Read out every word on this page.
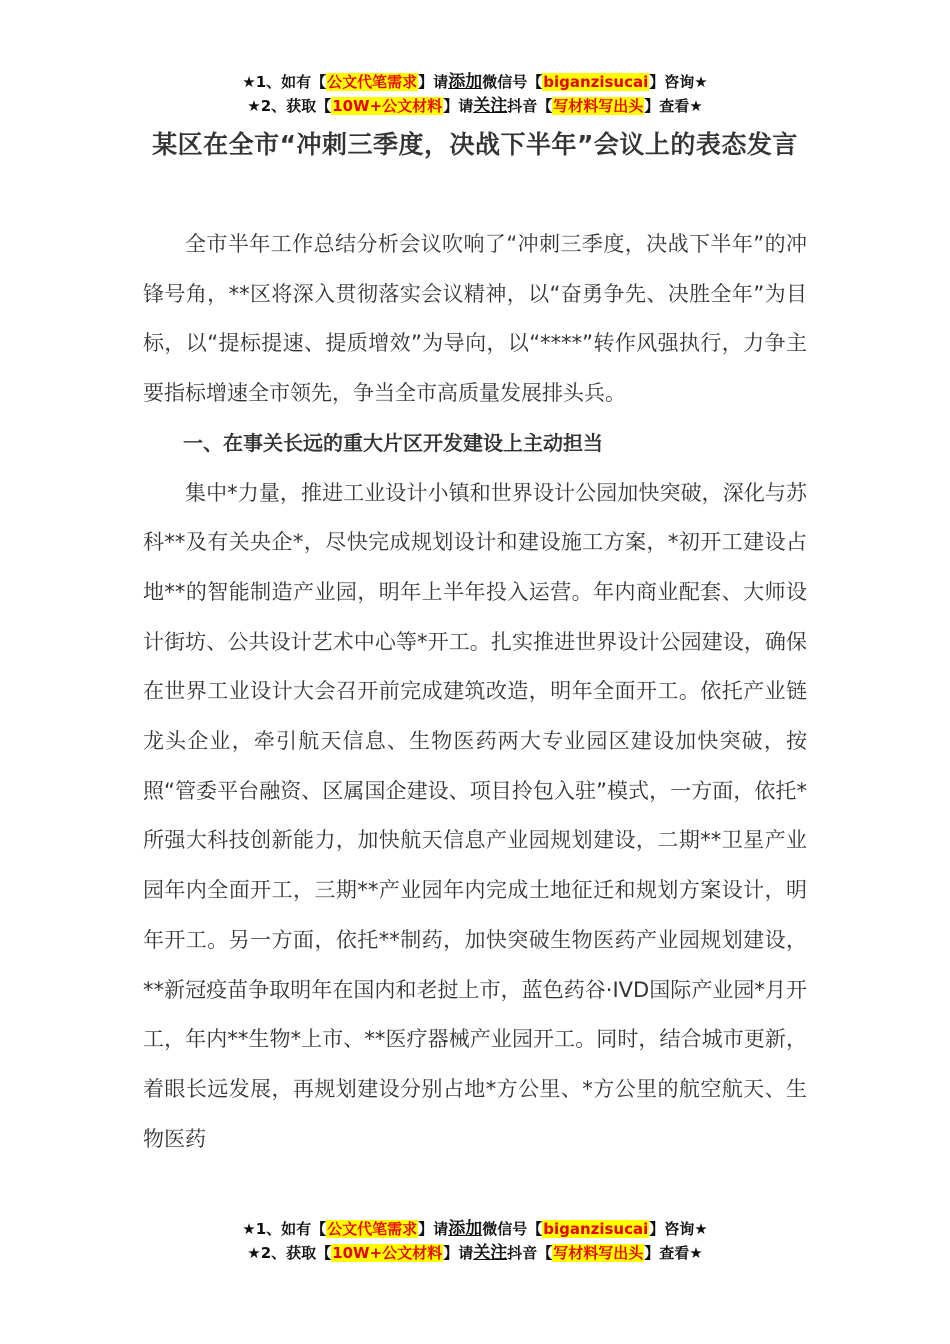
★1、如有【公文代笔需求】请添加微信号【biganzisucai】咨询★
★2、获取【10W+公文材料】请关注抖音【写材料写出头】查看★
某区在全市“冲刺三季度，决战下半年”会议上的表态发言

全市半年工作总结分析会议吹响了“冲刺三季度，决战下半年”的冲锋号角，**区将深入贯彻落实会议精神，以“奋勇争先、决胜全年”为目标，以“提标提速、提质增效”为导向，以“****”转作风强执行，力争主要指标增速全市领先，争当全市高质量发展排头兵。

一、在事关长远的重大片区开发建设上主动担当

集中*力量，推进工业设计小镇和世界设计公园加快突破，深化与苏科**及有关央企*，尽快完成规划设计和建设施工方案，*初开工建设占地**的智能制造产业园，明年上半年投入运营。年内商业配套、大师设计街坊、公共设计艺术中心等*开工。扎实推进世界设计公园建设，确保在世界工业设计大会召开前完成建筑改造，明年全面开工。依托产业链龙头企业，牵引航天信息、生物医药两大专业园区建设加快突破，按照“管委平台融资、区属国企建设、项目拎包入驻”模式，一方面，依托*所强大科技创新能力，加快航天信息产业园规划建设，二期**卫星产业园年内全面开工，三期**产业园年内完成土地征迁和规划方案设计，明年开工。另一方面，依托**制药，加快突破生物医药产业园规划建设，**新冠疫苗争取明年在国内和老挝上市，蓝色药谷·IVD国际产业园*月开工，年内**生物*上市、**医疗器械产业园开工。同时，结合城市更新，着眼长远发展，再规划建设分别占地*方公里、*方公里的航空航天、生物医药

★1、如有【公文代笔需求】请添加微信号【biganzisucai】咨询★
★2、获取【10W+公文材料】请关注抖音【写材料写出头】查看★
